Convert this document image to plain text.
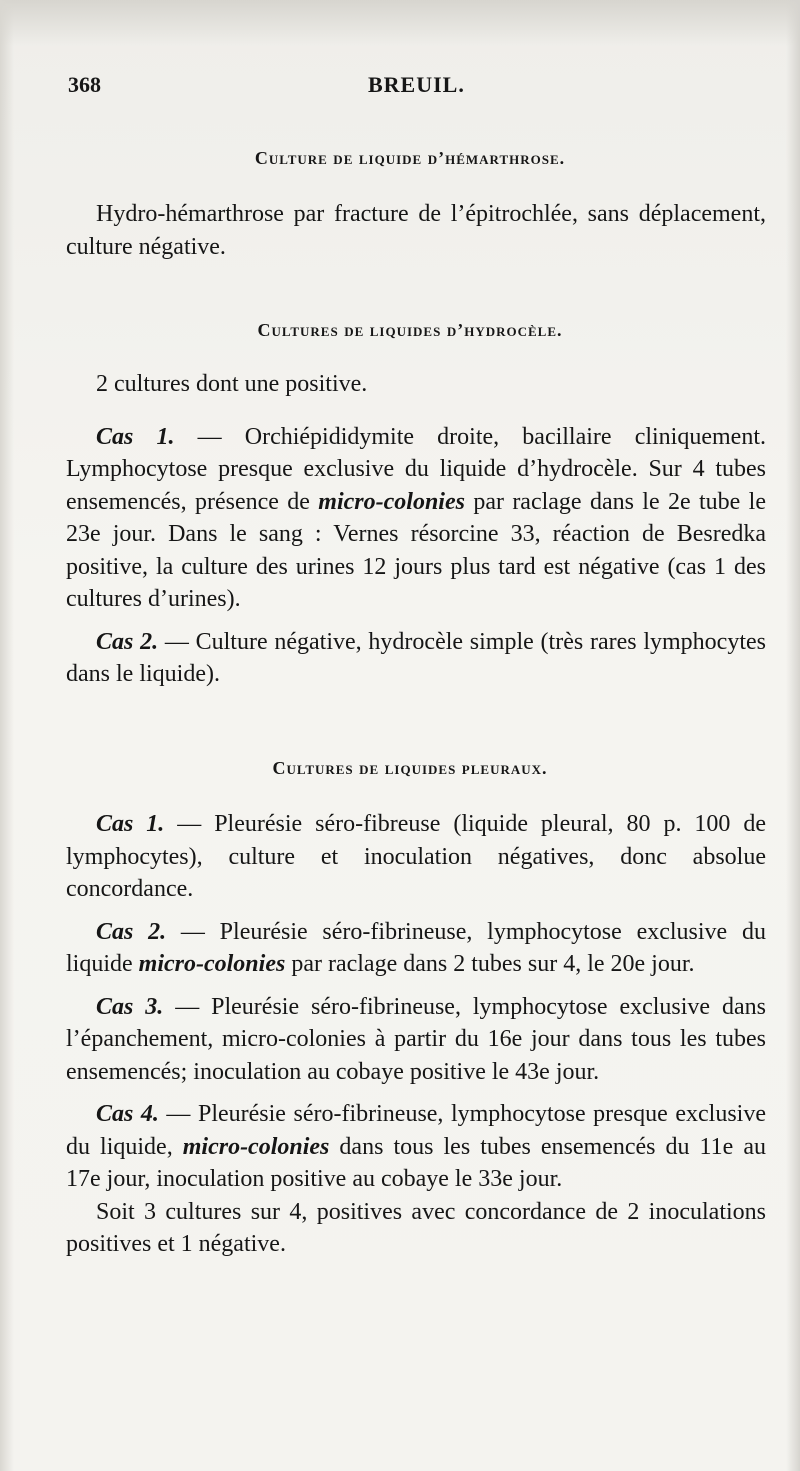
368	BREUIL.
Culture de liquide d’hémarthrose.

Hydro-hémarthrose par fracture de l’épitrochlée, sans déplacement, culture négative.

Cultures de liquides d’hydrocèle.

2 cultures dont une positive.

Cas 1. — Orchiépididymite droite, bacillaire cliniquement. Lymphocytose presque exclusive du liquide d’hydrocèle. Sur 4 tubes ensemencés, présence de micro-colonies par raclage dans le 2e tube le 23e jour. Dans le sang : Vernes résorcine 33, réaction de Besredka positive, la culture des urines 12 jours plus tard est négative (cas 1 des cultures d’urines).

Cas 2. — Culture négative, hydrocèle simple (très rares lymphocytes dans le liquide).

Cultures de liquides pleuraux.

Cas 1. — Pleurésie séro-fibreuse (liquide pleural, 80 p. 100 de lymphocytes), culture et inoculation négatives, donc absolue concordance.

Cas 2. — Pleurésie séro-fibrineuse, lymphocytose exclusive du liquide micro-colonies par raclage dans 2 tubes sur 4, le 20e jour.

Cas 3. — Pleurésie séro-fibrineuse, lymphocytose exclusive dans l’épanchement, micro-colonies à partir du 16e jour dans tous les tubes ensemencés; inoculation au cobaye positive le 43e jour.

Cas 4. — Pleurésie séro-fibrineuse, lymphocytose presque exclusive du liquide, micro-colonies dans tous les tubes ensemencés du 11e au 17e jour, inoculation positive au cobaye le 33e jour.

Soit 3 cultures sur 4, positives avec concordance de 2 inoculations positives et 1 négative.
